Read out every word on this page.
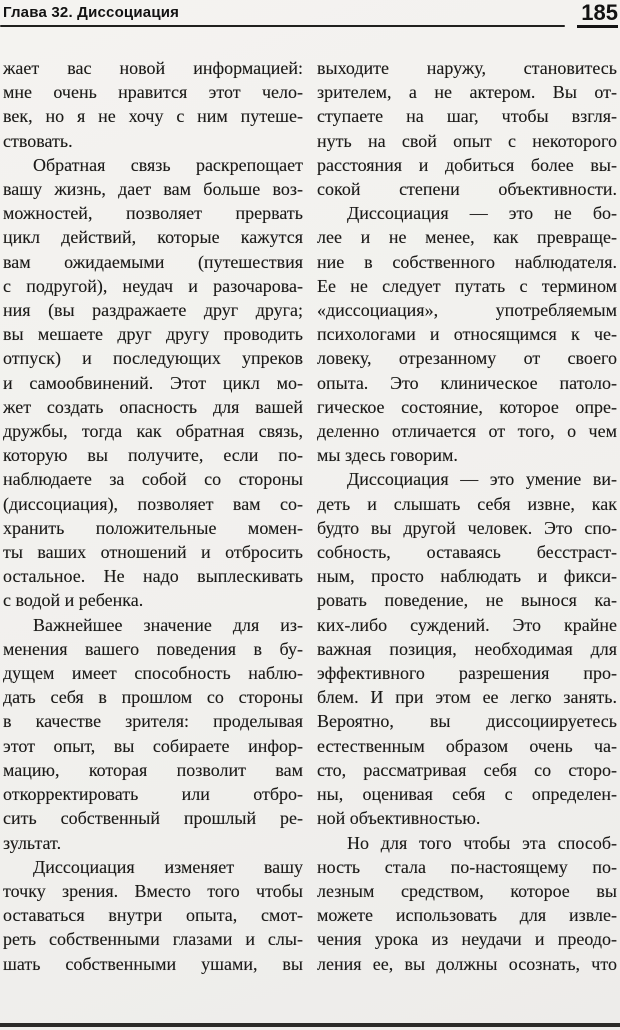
Глава 32. Диссоциация	185
жает вас новой информацией:
мне очень нравится этот чело-
век, но я не хочу с ним путеше-
ствовать.
Обратная связь раскрепощает
вашу жизнь, дает вам больше воз-
можностей, позволяет прервать
цикл действий, которые кажутся
вам ожидаемыми (путешествия
с подругой), неудач и разочарова-
ния (вы раздражаете друг друга;
вы мешаете друг другу проводить
отпуск) и последующих упреков
и самообвинений. Этот цикл мо-
жет создать опасность для вашей
дружбы, тогда как обратная связь,
которую вы получите, если по-
наблюдаете за собой со стороны
(диссоциация), позволяет вам со-
хранить положительные момен-
ты ваших отношений и отбросить
остальное. Не надо выплескивать
с водой и ребенка.
Важнейшее значение для из-
менения вашего поведения в бу-
дущем имеет способность наблю-
дать себя в прошлом со стороны
в качестве зрителя: проделывая
этот опыт, вы собираете инфор-
мацию, которая позволит вам
откорректировать или отбро-
сить собственный прошлый ре-
зультат.
Диссоциация изменяет вашу
точку зрения. Вместо того чтобы
оставаться внутри опыта, смот-
реть собственными глазами и слы-
шать собственными ушами, вы
выходите наружу, становитесь
зрителем, а не актером. Вы от-
ступаете на шаг, чтобы взгля-
нуть на свой опыт с некоторого
расстояния и добиться более вы-
сокой степени объективности.
Диссоциация — это не бо-
лее и не менее, как превраще-
ние в собственного наблюдателя.
Ее не следует путать с термином
«диссоциация», употребляемым
психологами и относящимся к че-
ловеку, отрезанному от своего
опыта. Это клиническое патоло-
гическое состояние, которое опре-
деленно отличается от того, о чем
мы здесь говорим.
Диссоциация — это умение ви-
деть и слышать себя извне, как
будто вы другой человек. Это спо-
собность, оставаясь бесстраст-
ным, просто наблюдать и фикси-
ровать поведение, не вынося ка-
ких-либо суждений. Это крайне
важная позиция, необходимая для
эффективного разрешения про-
блем. И при этом ее легко занять.
Вероятно, вы диссоциируетесь
естественным образом очень ча-
сто, рассматривая себя со сторо-
ны, оценивая себя с определен-
ной объективностью.
Но для того чтобы эта способ-
ность стала по-настоящему по-
лезным средством, которое вы
можете использовать для извле-
чения урока из неудачи и преодо-
ления ее, вы должны осознать, что
